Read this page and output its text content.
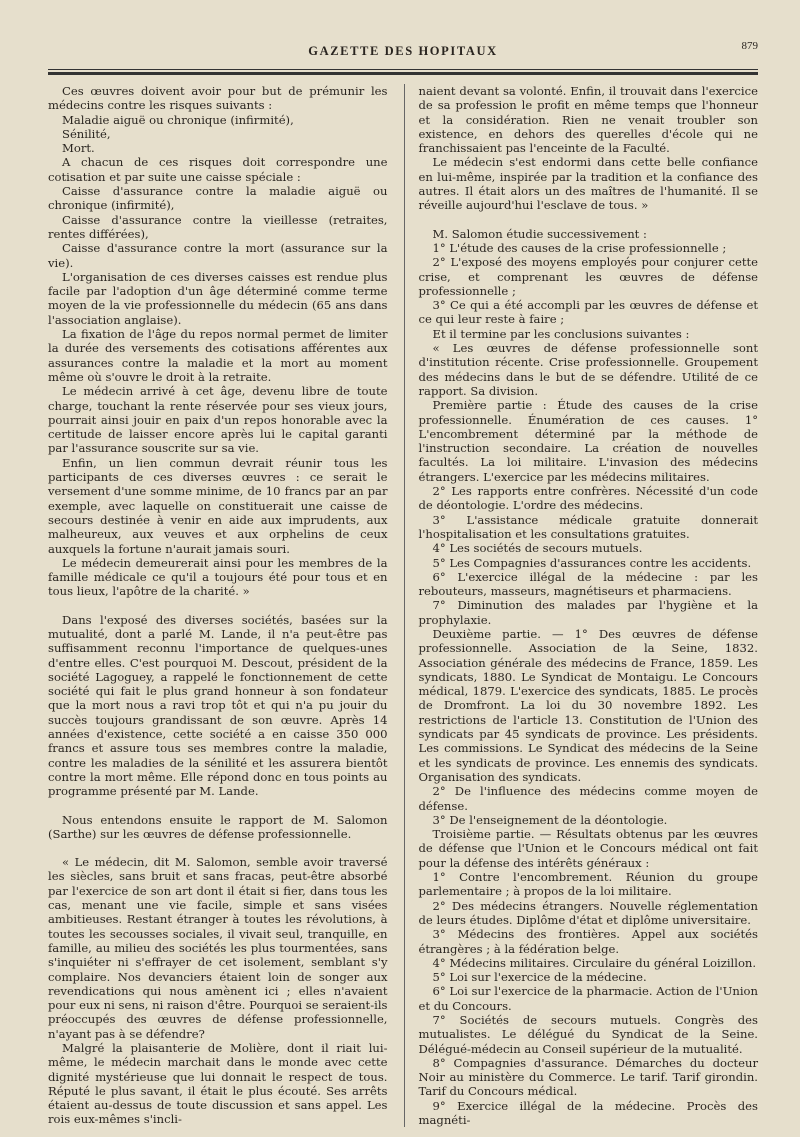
GAZETTE DES HOPITAUX	879

Ces œuvres doivent avoir pour but de prémunir les médecins contre les risques suivants :

Maladie aiguë ou chronique (infirmité),

Sénilité,

Mort.

A chacun de ces risques doit correspondre une cotisation et par suite une caisse spéciale :

Caisse d'assurance contre la maladie aiguë ou chronique (infirmité),

Caisse d'assurance contre la vieillesse (retraites, rentes différées),

Caisse d'assurance contre la mort (assurance sur la vie).

L'organisation de ces diverses caisses est rendue plus facile par l'adoption d'un âge déterminé comme terme moyen de la vie professionnelle du médecin (65 ans dans l'association anglaise).

La fixation de l'âge du repos normal permet de limiter la durée des versements des cotisations afférentes aux assurances contre la maladie et la mort au moment même où s'ouvre le droit à la retraite.

Le médecin arrivé à cet âge, devenu libre de toute charge, touchant la rente réservée pour ses vieux jours, pourrait ainsi jouir en paix d'un repos honorable avec la certitude de laisser encore après lui le capital garanti par l'assurance souscrite sur sa vie.

Enfin, un lien commun devrait réunir tous les participants de ces diverses œuvres : ce serait le versement d'une somme minime, de 10 francs par an par exemple, avec laquelle on constituerait une caisse de secours destinée à venir en aide aux imprudents, aux malheureux, aux veuves et aux orphelins de ceux auxquels la fortune n'aurait jamais souri.

Le médecin demeurerait ainsi pour les membres de la famille médicale ce qu'il a toujours été pour tous et en tous lieux, l'apôtre de la charité. »

Dans l'exposé des diverses sociétés, basées sur la mutualité, dont a parlé M. Lande, il n'a peut-être pas suffisamment reconnu l'importance de quelques-unes d'entre elles. C'est pourquoi M. Descout, président de la société Lagoguey, a rappelé le fonctionnement de cette société qui fait le plus grand honneur à son fondateur que la mort nous a ravi trop tôt et qui n'a pu jouir du succès toujours grandissant de son œuvre. Après 14 années d'existence, cette société a en caisse 350 000 francs et assure tous ses membres contre la maladie, contre les maladies de la sénilité et les assurera bientôt contre la mort même. Elle répond donc en tous points au programme présenté par M. Lande.

Nous entendons ensuite le rapport de M. Salomon (Sarthe) sur les œuvres de défense professionnelle.

« Le médecin, dit M. Salomon, semble avoir traversé les siècles, sans bruit et sans fracas, peut-être absorbé par l'exercice de son art dont il était si fier, dans tous les cas, menant une vie facile, simple et sans visées ambitieuses. Restant étranger à toutes les révolutions, à toutes les secousses sociales, il vivait seul, tranquille, en famille, au milieu des sociétés les plus tourmentées, sans s'inquiéter ni s'effrayer de cet isolement, semblant s'y complaire. Nos devanciers étaient loin de songer aux revendications qui nous amènent ici ; elles n'avaient pour eux ni sens, ni raison d'être. Pourquoi se seraient-ils préoccupés des œuvres de défense professionnelle, n'ayant pas à se défendre?

Malgré la plaisanterie de Molière, dont il riait lui-même, le médecin marchait dans le monde avec cette dignité mystérieuse que lui donnait le respect de tous. Réputé le plus savant, il était le plus écouté. Ses arrêts étaient au-dessus de toute discussion et sans appel. Les rois eux-mêmes s'incli-

naient devant sa volonté. Enfin, il trouvait dans l'exercice de sa profession le profit en même temps que l'honneur et la considération. Rien ne venait troubler son existence, en dehors des querelles d'école qui ne franchissaient pas l'enceinte de la Faculté.

Le médecin s'est endormi dans cette belle confiance en lui-même, inspirée par la tradition et la confiance des autres. Il était alors un des maîtres de l'humanité. Il se réveille aujourd'hui l'esclave de tous. »

M. Salomon étudie successivement :

1° L'étude des causes de la crise professionnelle ;

2° L'exposé des moyens employés pour conjurer cette crise, et comprenant les œuvres de défense professionnelle ;

3° Ce qui a été accompli par les œuvres de défense et ce qui leur reste à faire ;

Et il termine par les conclusions suivantes :

« Les œuvres de défense professionnelle sont d'institution récente. Crise professionnelle. Groupement des médecins dans le but de se défendre. Utilité de ce rapport. Sa division.

Première partie : Étude des causes de la crise professionnelle. Énumération de ces causes. 1° L'encombrement déterminé par la méthode de l'instruction secondaire. La création de nouvelles facultés. La loi militaire. L'invasion des médecins étrangers. L'exercice par les médecins militaires.

2° Les rapports entre confrères. Nécessité d'un code de déontologie. L'ordre des médecins.

3° L'assistance médicale gratuite donnerait l'hospitalisation et les consultations gratuites.

4° Les sociétés de secours mutuels.

5° Les Compagnies d'assurances contre les accidents.

6° L'exercice illégal de la médecine : par les rebouteurs, masseurs, magnétiseurs et pharmaciens.

7° Diminution des malades par l'hygiène et la prophylaxie.

Deuxième partie. — 1° Des œuvres de défense professionnelle. Association de la Seine, 1832. Association générale des médecins de France, 1859. Les syndicats, 1880. Le Syndicat de Montaigu. Le Concours médical, 1879. L'exercice des syndicats, 1885. Le procès de Dromfront. La loi du 30 novembre 1892. Les restrictions de l'article 13. Constitution de l'Union des syndicats par 45 syndicats de province. Les présidents. Les commissions. Le Syndicat des médecins de la Seine et les syndicats de province. Les ennemis des syndicats. Organisation des syndicats.

2° De l'influence des médecins comme moyen de défense.

3° De l'enseignement de la déontologie.

Troisième partie. — Résultats obtenus par les œuvres de défense que l'Union et le Concours médical ont fait pour la défense des intérêts généraux :

1° Contre l'encombrement. Réunion du groupe parlementaire ; à propos de la loi militaire.

2° Des médecins étrangers. Nouvelle réglementation de leurs études. Diplôme d'état et diplôme universitaire.

3° Médecins des frontières. Appel aux sociétés étrangères ; à la fédération belge.

4° Médecins militaires. Circulaire du général Loizillon.

5° Loi sur l'exercice de la médecine.

6° Loi sur l'exercice de la pharmacie. Action de l'Union et du Concours.

7° Sociétés de secours mutuels. Congrès des mutualistes. Le délégué du Syndicat de la Seine. Délégué-médecin au Conseil supérieur de la mutualité.

8° Compagnies d'assurance. Démarches du docteur Noir au ministère du Commerce. Le tarif. Tarif girondin. Tarif du Concours médical.

9° Exercice illégal de la médecine. Procès des magnéti-
